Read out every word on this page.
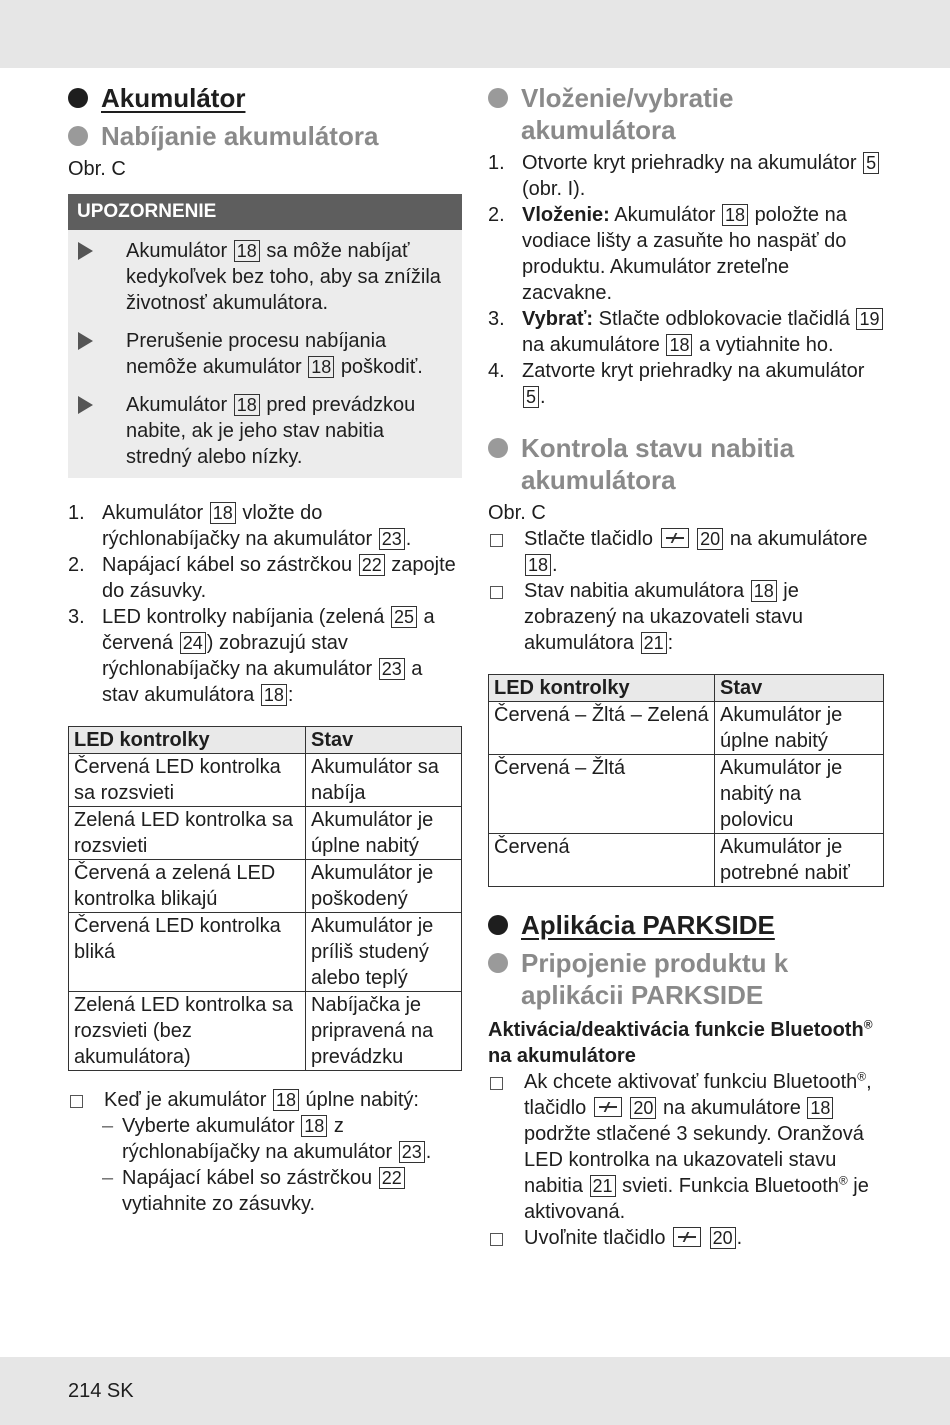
Akumulátor
Nabíjanie akumulátora

Obr. C

UPOZORNENIE
Akumulátor 18 sa môže nabíjať kedykoľvek bez toho, aby sa znížila životnosť akumulátora.
Prerušenie procesu nabíjania nemôže akumulátor 18 poškodiť.
Akumulátor 18 pred prevádzkou nabite, ak je jeho stav nabitia stredný alebo nízky.
1. Akumulátor 18 vložte do rýchlonabíjačky na akumulátor 23 .
2. Napájací kábel so zástrčkou 22 zapojte do zásuvky.
3. LED kontrolky nabíjania (zelená 25 a červená 24 ) zobrazujú stav rýchlonabíjačky na akumulátor 23 a stav akumulátora 18 :
LED kontrolky	Stav
Červená LED kontrolka sa rozsvieti	Akumulátor sa nabíja
Zelená LED kontrolka sa rozsvieti	Akumulátor je úplne nabitý
Červená a zelená LED kontrolka blikajú	Akumulátor je poškodený
Červená LED kontrolka bliká	Akumulátor je príliš studený alebo teplý
Zelená LED kontrolka sa rozsvieti (bez akumulátora)	Nabíjačka je pripravená na prevádzku
Keď je akumulátor 18 úplne nabitý:
– Vyberte akumulátor 18 z rýchlonabíjačky na akumulátor 23 .
– Napájací kábel so zástrčkou 22 vytiahnite zo zásuvky.
Vloženie/vybratie akumulátora
1. Otvorte kryt priehradky na akumulátor 5 (obr. I).
2. Vloženie: Akumulátor 18 položte na vodiace lišty a zasuňte ho naspäť do produktu. Akumulátor zreteľne zacvakne.
3. Vybrať: Stlačte odblokovacie tlačidlá 19 na akumulátore 18 a vytiahnite ho.
4. Zatvorte kryt priehradky na akumulátor 5 .
Kontrola stavu nabitia akumulátora

Obr. C

Stlačte tlačidlo	20 na akumulátore 18 .
Stav nabitia akumulátora 18 je zobrazený na ukazovateli stavu akumulátora 21 :
LED kontrolky	Stav
Červená – Žltá – Zelená	Akumulátor je úplne nabitý
Červená – Žltá	Akumulátor je nabitý na polovicu
Červená	Akumulátor je potrebné nabiť
Aplikácia PARKSIDE
Pripojenie produktu k aplikácii PARKSIDE

Aktivácia/deaktivácia funkcie Bluetooth® na akumulátore

Ak chcete aktivovať funkciu Bluetooth®, tlačidlo	20 na akumulátore 18 podržte stlačené 3 sekundy. Oranžová LED kontrolka na ukazovateli stavu nabitia 21 svieti. Funkcia Bluetooth® je aktivovaná.
Uvoľnite tlačidlo	20 .
214 SK
